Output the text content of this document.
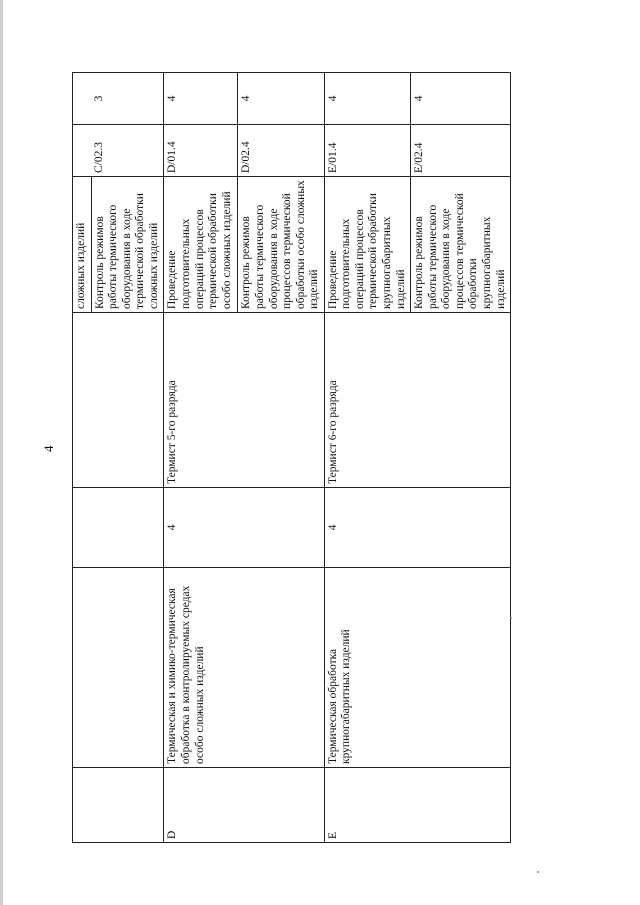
4

				сложных изделий Контроль режимов работы термического оборудования в ходе термической обработки сложных изделий	C/02.3	3
D	Термическая и химико-термическая обработка в контролируемых средах особо сложных изделий	4	Термист 5-го разряда	Проведение подготовительных операций процессов термической обработки особо сложных изделий	D/01.4	4
				Контроль режимов работы термического оборудования в ходе процессов термической обработки особо сложных изделий	D/02.4	4
E	Термическая обработка крупногабаритных изделий	4	Термист 6-го разряда	Проведение подготовительных операций процессов термической обработки крупногабаритных изделий	E/01.4	4
				Контроль режимов работы термического оборудования в ходе процессов термической обработки крупногабаритных изделий	E/02.4	4
